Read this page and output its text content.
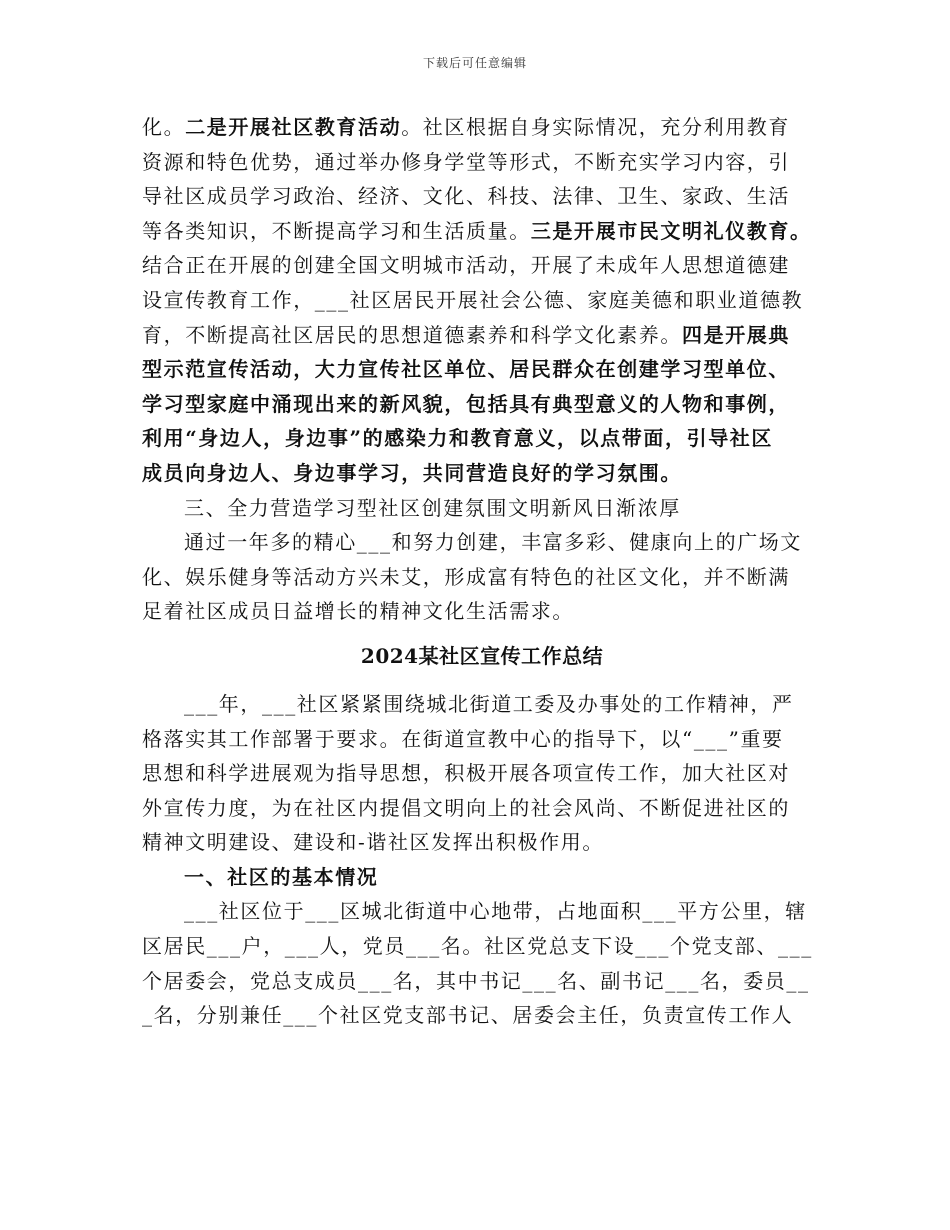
下载后可任意编辑
化。二是开展社区教育活动。社区根据自身实际情况，充分利用教育
资源和特色优势，通过举办修身学堂等形式，不断充实学习内容，引
导社区成员学习政治、经济、文化、科技、法律、卫生、家政、生活
等各类知识，不断提高学习和生活质量。三是开展市民文明礼仪教育。
结合正在开展的创建全国文明城市活动，开展了未成年人思想道德建
设宣传教育工作，___社区居民开展社会公德、家庭美德和职业道德教
育，不断提高社区居民的思想道德素养和科学文化素养。四是开展典
型示范宣传活动，大力宣传社区单位、居民群众在创建学习型单位、
学习型家庭中涌现出来的新风貌，包括具有典型意义的人物和事例，
利用“身边人，身边事”的感染力和教育意义，以点带面，引导社区
成员向身边人、身边事学习，共同营造良好的学习氛围。
三、全力营造学习型社区创建氛围文明新风日渐浓厚
通过一年多的精心___和努力创建，丰富多彩、健康向上的广场文
化、娱乐健身等活动方兴未艾，形成富有特色的社区文化，并不断满
足着社区成员日益增长的精神文化生活需求。
2024某社区宣传工作总结
___年，___社区紧紧围绕城北街道工委及办事处的工作精神，严
格落实其工作部署于要求。在街道宣教中心的指导下，以“___”重要
思想和科学进展观为指导思想，积极开展各项宣传工作，加大社区对
外宣传力度，为在社区内提倡文明向上的社会风尚、不断促进社区的
精神文明建设、建设和-谐社区发挥出积极作用。
一、社区的基本情况
___社区位于___区城北街道中心地带，占地面积___平方公里，辖
区居民___户，___人，党员___名。社区党总支下设___个党支部、___
个居委会，党总支成员___名，其中书记___名、副书记___名，委员__
_名，分别兼任___个社区党支部书记、居委会主任，负责宣传工作人
